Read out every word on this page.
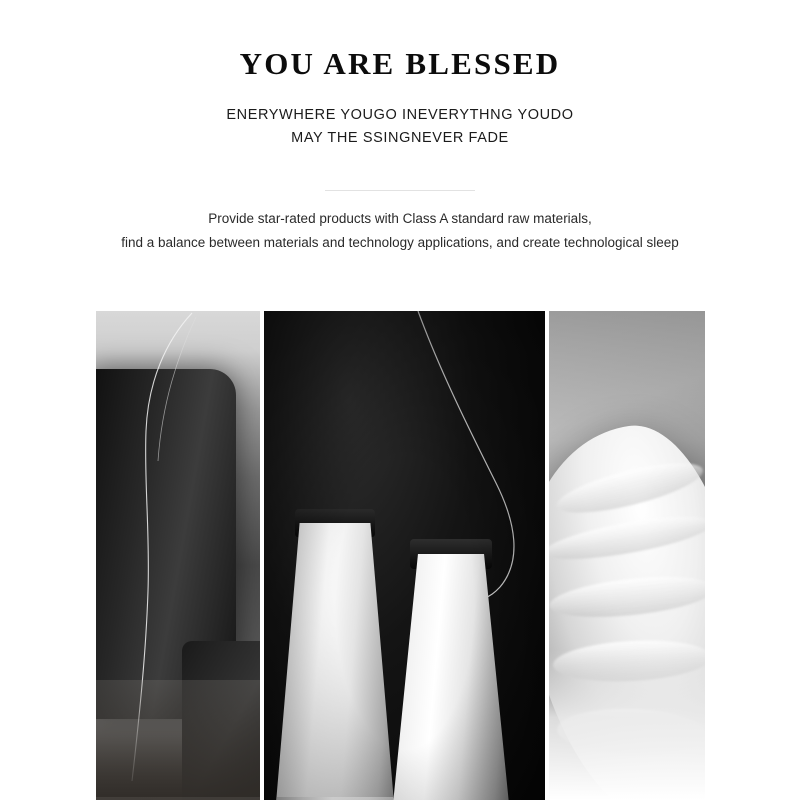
YOU ARE BLESSED
ENERYWHERE YOUGO INEVERYTHNG YOUDO
MAY THE SSINGNEVER FADE
Provide star-rated products with Class A standard raw materials,
find a balance between materials and technology applications, and create technological sleep
